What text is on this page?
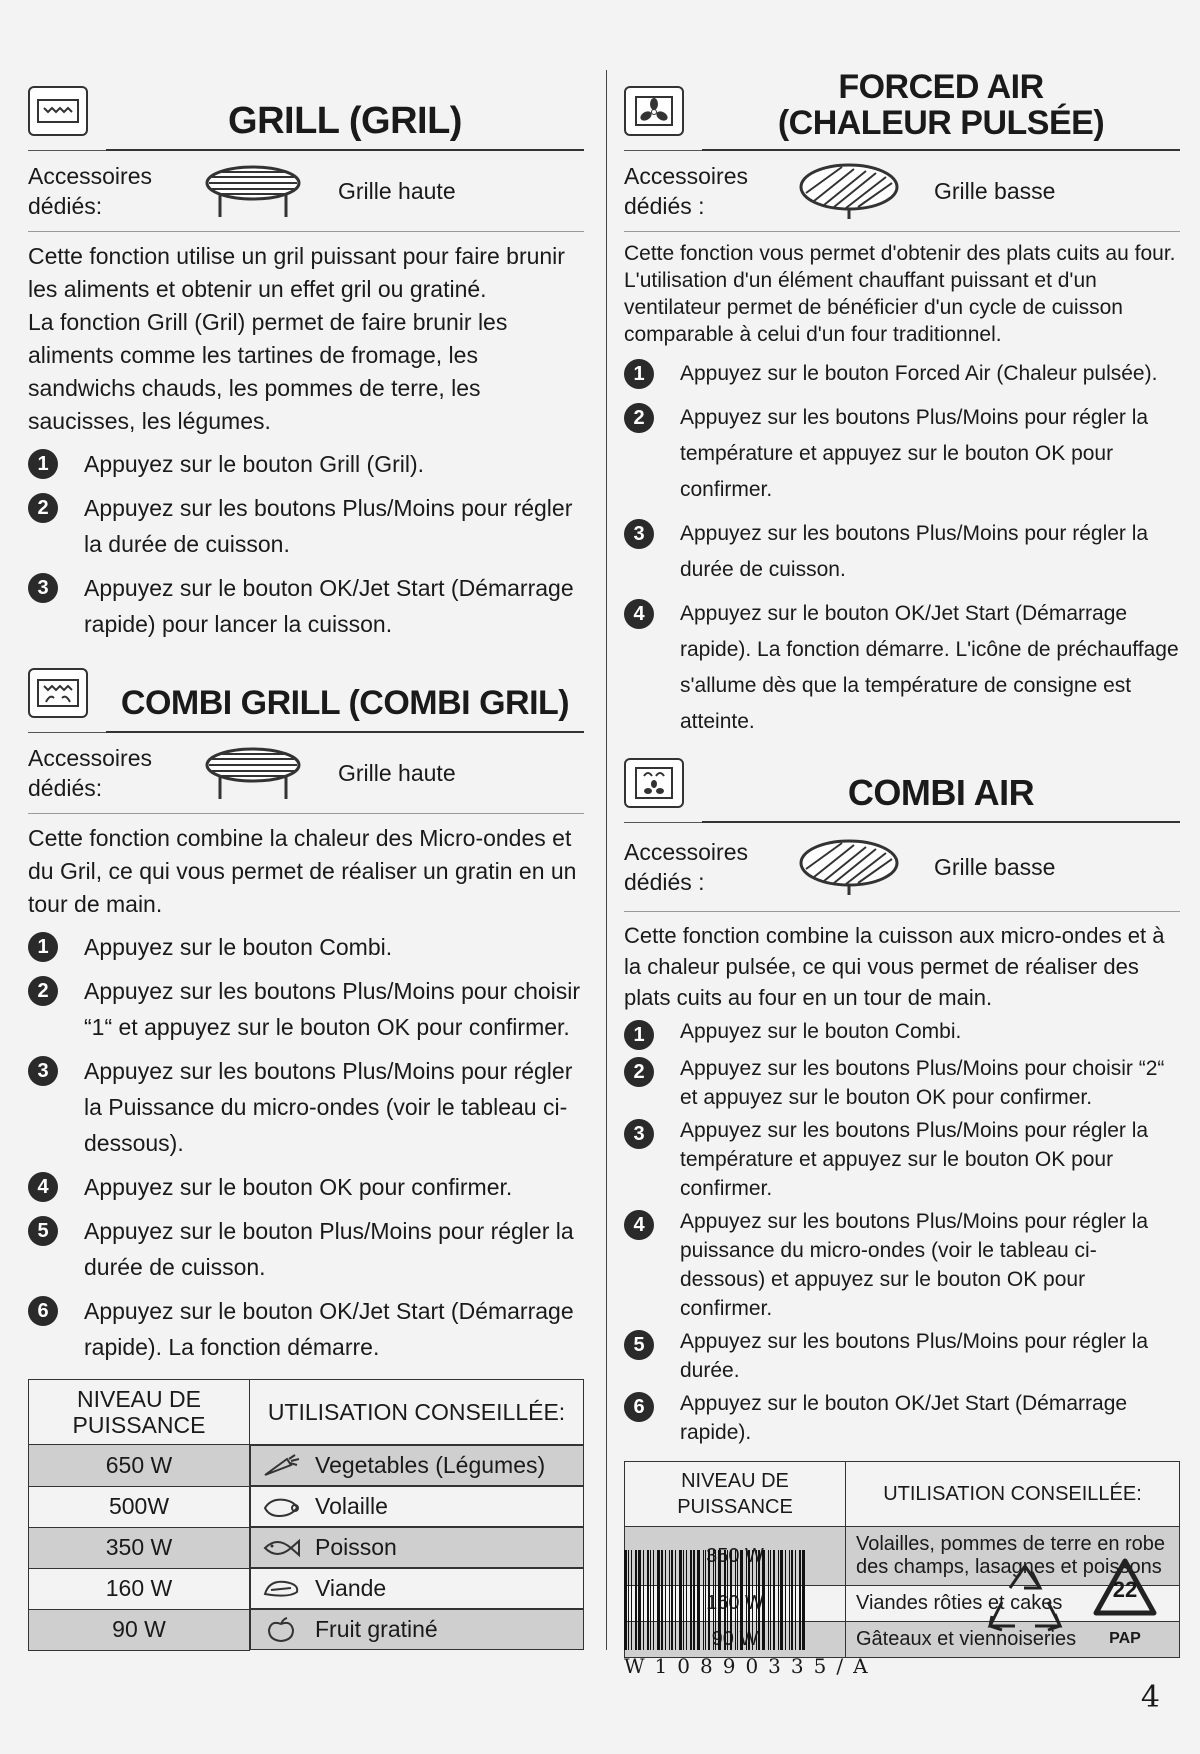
GRILL (GRIL)
Accessoires dédiés:
Grille haute
Cette fonction utilise un gril puissant pour faire brunir les aliments et obtenir un effet gril ou gratiné.
La fonction Grill (Gril) permet de faire brunir les aliments comme les tartines de fromage, les sandwichs chauds, les pommes de terre, les saucisses, les légumes.
1	Appuyez sur le bouton Grill (Gril).
2	Appuyez sur les boutons Plus/Moins pour régler la durée de cuisson.
3	Appuyez sur le bouton OK/Jet Start (Démarrage rapide) pour lancer la cuisson.
COMBI GRILL (COMBI GRIL)
Accessoires dédiés:
Grille haute
Cette fonction combine la chaleur des Micro-ondes et du Gril, ce qui vous permet de réaliser un gratin en un tour de main.
1	Appuyez sur le bouton Combi.
2	Appuyez sur les boutons Plus/Moins pour choisir “1“ et appuyez sur le bouton OK pour confirmer.
3	Appuyez sur les boutons Plus/Moins pour régler la Puissance du micro-ondes (voir le tableau ci-dessous).
4	Appuyez sur le bouton OK pour confirmer.
5	Appuyez sur le bouton Plus/Moins pour régler la durée de cuisson.
6	Appuyez sur le bouton OK/Jet Start (Démarrage rapide). La fonction démarre.
NIVEAU DE PUISSANCE	UTILISATION CONSEILLÉE:
650 W		Vegetables (Légumes)

500W		Volaille

350 W		Poisson

160 W		Viande

90 W		Fruit gratiné
FORCED AIR
(CHALEUR PULSÉE)
Accessoires dédiés :
Grille basse
Cette fonction vous permet d'obtenir des plats cuits au four. L'utilisation d'un élément chauffant puissant et d'un ventilateur permet de bénéficier d'un cycle de cuisson comparable à celui d'un four traditionnel.
1	Appuyez sur le bouton Forced Air (Chaleur pulsée).
2	Appuyez sur les boutons Plus/Moins pour régler la température et appuyez sur le bouton OK pour confirmer.
3	Appuyez sur les boutons Plus/Moins pour régler la durée de cuisson.
4	Appuyez sur le bouton OK/Jet Start (Démarrage rapide). La fonction démarre. L'icône de préchauffage s'allume dès que la température de consigne est atteinte.
COMBI AIR
Accessoires dédiés :
Grille basse
Cette fonction combine la cuisson aux micro-ondes et à la chaleur pulsée, ce qui vous permet de réaliser des plats cuits au four en un tour de main.
1	Appuyez sur le bouton Combi.
2	Appuyez sur les boutons Plus/Moins pour choisir “2“ et appuyez sur le bouton OK pour confirmer.
3	Appuyez sur les boutons Plus/Moins pour régler la température et appuyez sur le bouton OK pour confirmer.
4	Appuyez sur les boutons Plus/Moins pour régler la puissance du micro-ondes (voir le tableau ci-dessous) et appuyez sur le bouton OK pour confirmer.
5	Appuyez sur les boutons Plus/Moins pour régler la durée.
6	Appuyez sur le bouton OK/Jet Start (Démarrage rapide).
NIVEAU DE PUISSANCE	UTILISATION CONSEILLÉE:
350 W	Volailles, pommes de terre en robe des champs, lasagnes et poissons
160 W	Viandes rôties et cakes
90	Gâteaux et viennoiseries
W10890335/A
22
PAP
4
